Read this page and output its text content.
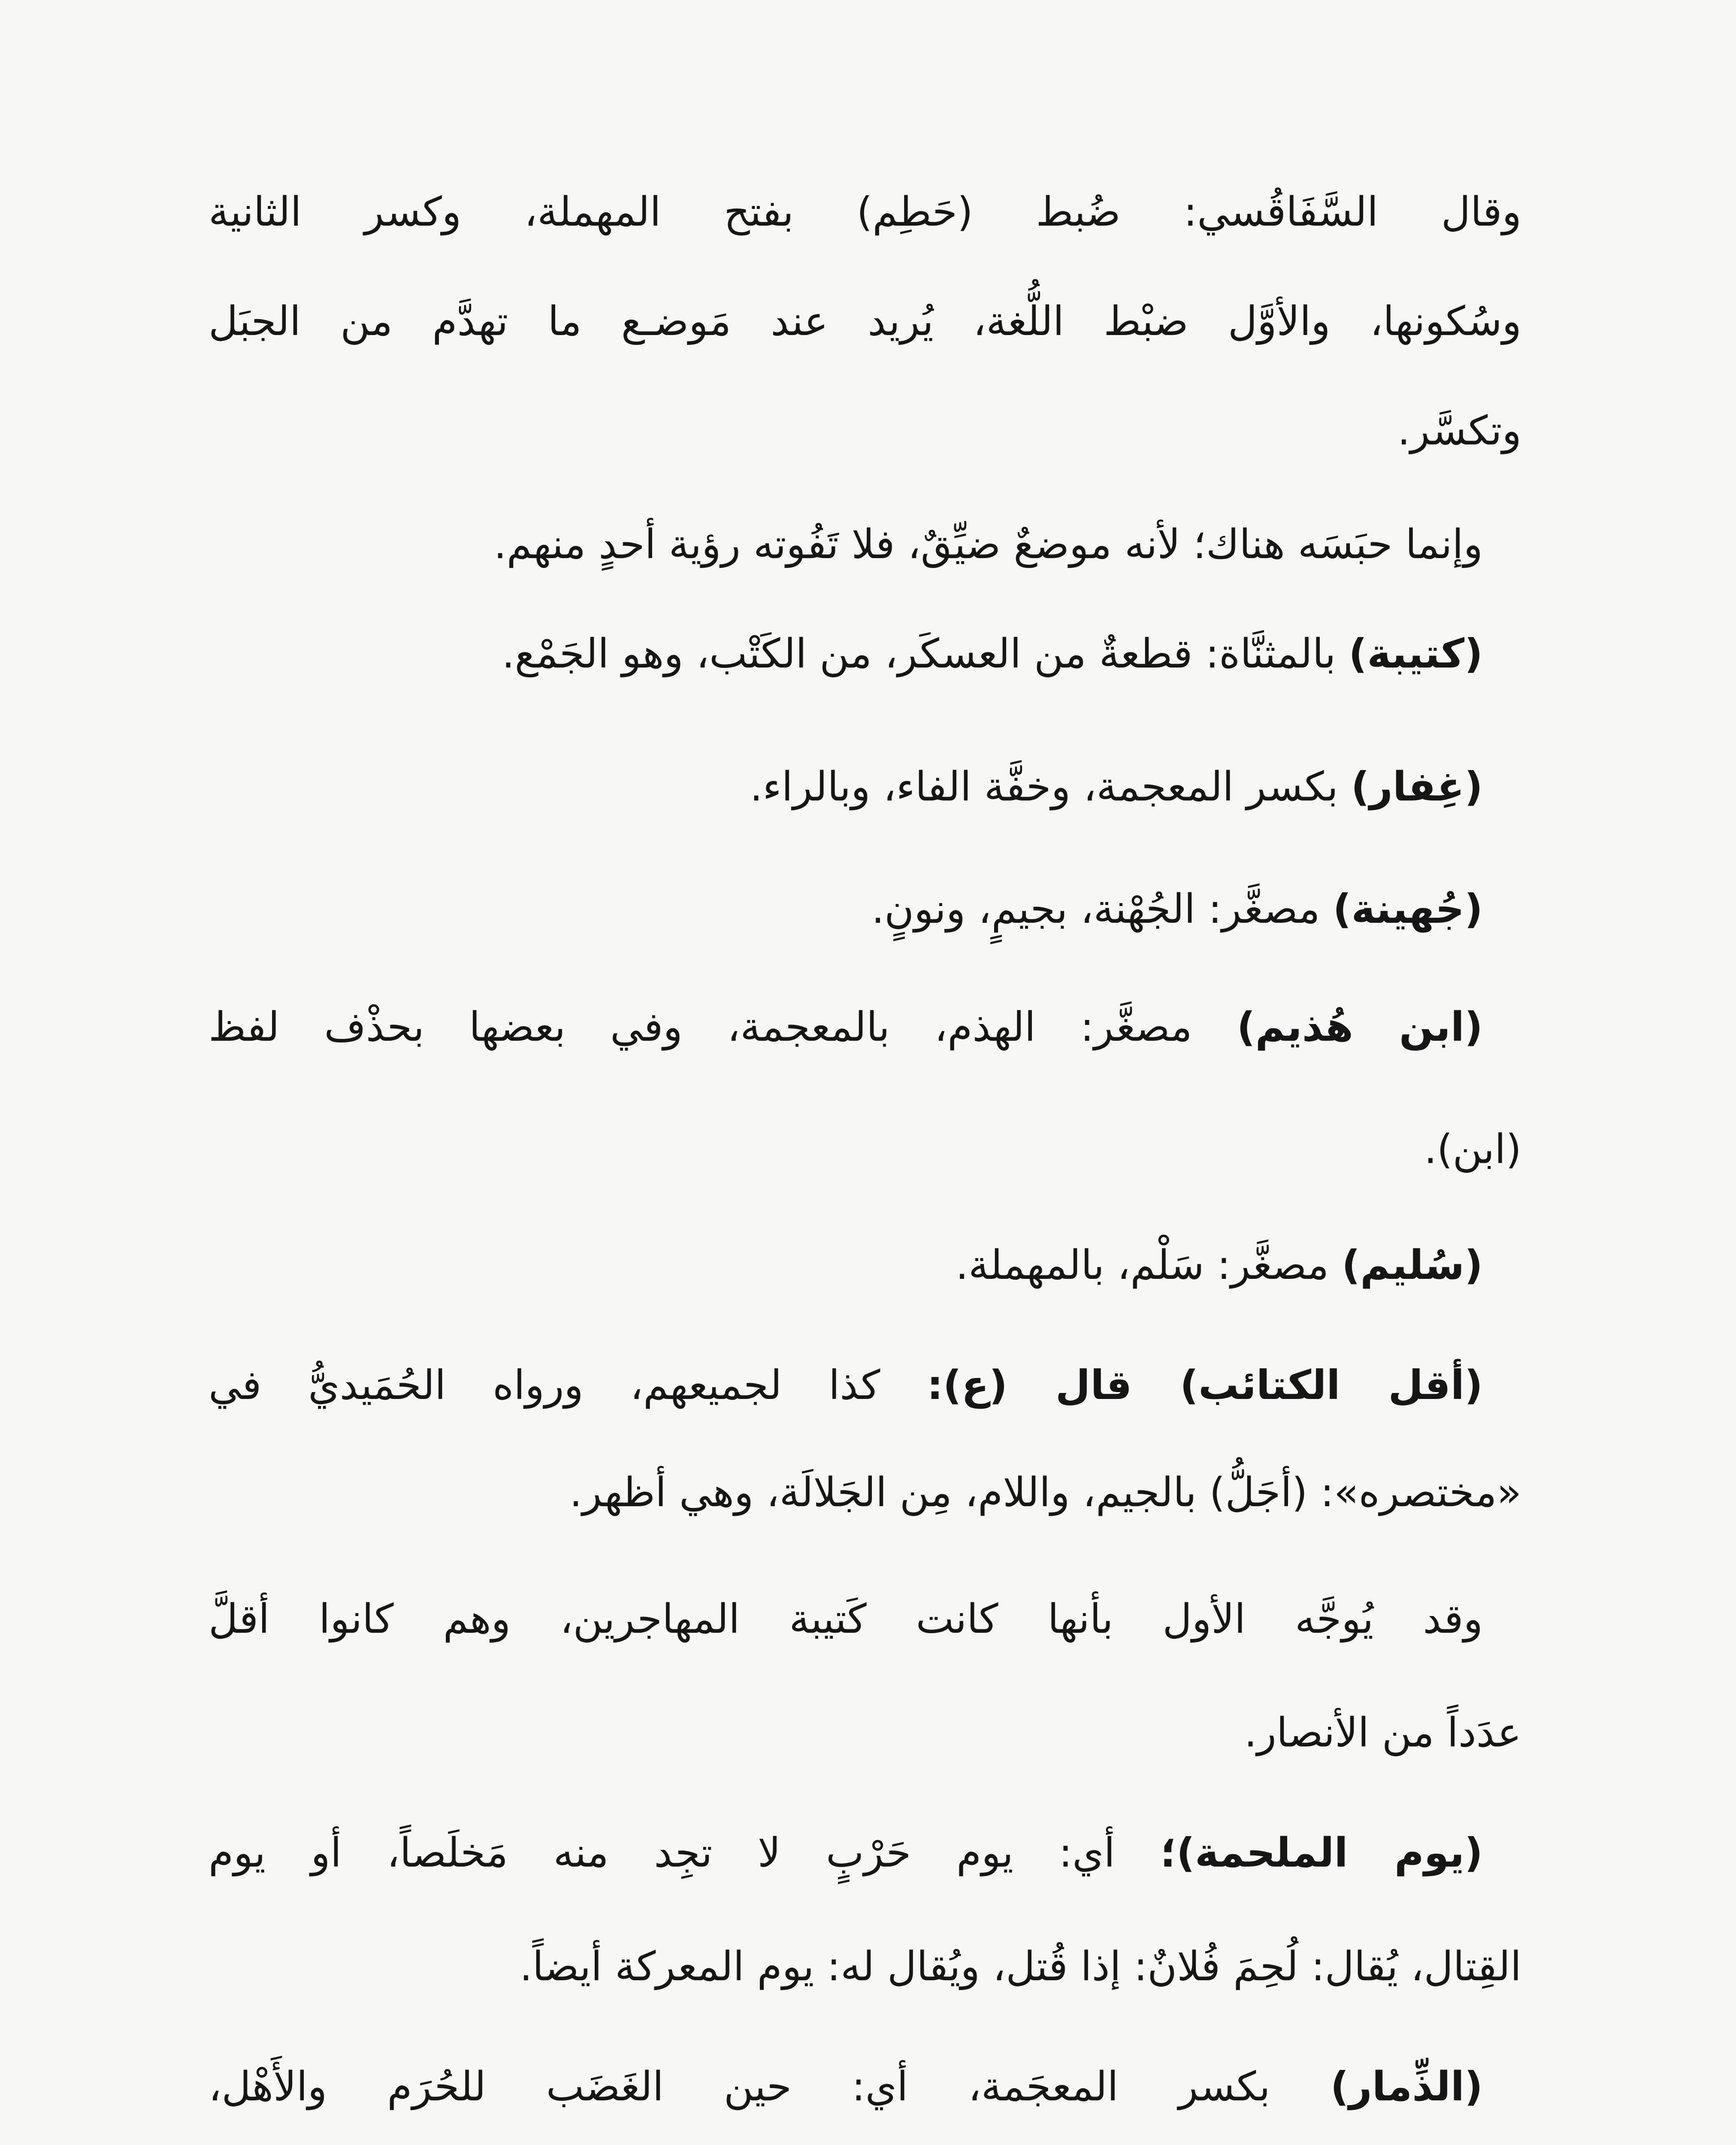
وقال السَّفَاقُسي: ضُبط (حَطِم) بفتح المهملة، وكسر الثانية
وسُكونها، والأوَّل ضبْط اللُّغة، يُريد عند مَوضـع ما تهدَّم من الجبَل
وتكسَّر.
وإنما حبَسَه هناك؛ لأنه موضعٌ ضيِّقٌ، فلا تَفُوته رؤية أحدٍ منهم.
(كتيبة) بالمثنَّاة: قطعةٌ من العسكَر، من الكَتْب، وهو الجَمْع.
(غِفار) بكسر المعجمة، وخفَّة الفاء، وبالراء.
(جُهينة) مصغَّر: الجُهْنة، بجيمٍ، ونونٍ.
(ابن هُذيم) مصغَّر: الهذم، بالمعجمة، وفي بعضها بحذْف لفظ
(ابن).
(سُليم) مصغَّر: سَلْم، بالمهملة.
(أقل الكتائب) قال (ع): كذا لجميعهم، ورواه الحُمَيديُّ في
«مختصره»: (أجَلُّ) بالجيم، واللام، مِن الجَلالَة، وهي أظهر.
وقد يُوجَّه الأول بأنها كانت كَتيبة المهاجرين، وهم كانوا أقلَّ
عدَداً من الأنصار.
(يوم الملحمة)؛ أي: يوم حَرْبٍ لا تجِد منه مَخلَصاً، أو يوم
القِتال، يُقال: لُحِمَ فُلانٌ: إذا قُتل، ويُقال له: يوم المعركة أيضاً.
(الذِّمار) بكسر المعجَمة، أي: حين الغَضَب للحُرَم والأَهْل،
